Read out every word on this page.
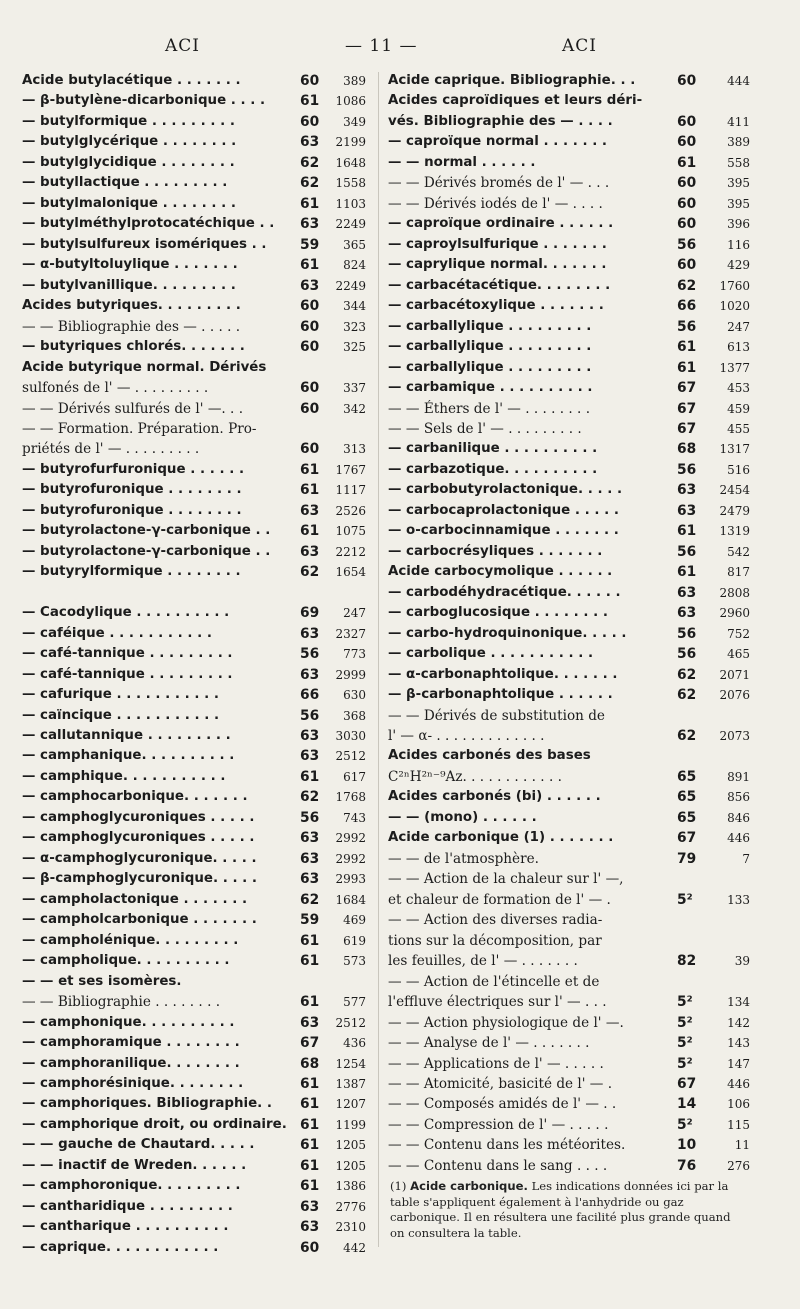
ACI	— 11 —	ACI
Acide butylacétique . . . . . . .	60	389
— β-butylène-dicarbonique . . . .	61	1086
— butylformique . . . . . . . . .	60	349
— butylglycérique . . . . . . . .	63	2199
— butylglycidique . . . . . . . .	62	1648
— butyllactique . . . . . . . . .	62	1558
— butylmalonique . . . . . . . .	61	1103
— butylméthylprotocatéchique . .	63	2249
— butylsulfureux isomériques . .	59	365
— α-butyltoluylique . . . . . . .	61	824
— butylvanillique. . . . . . . . .	63	2249
Acides butyriques. . . . . . . . .	60	344
— — Bibliographie des — . . . . .	60	323
— butyriques chlorés. . . . . . .	60	325
Acide butyrique normal. Dérivés
sulfonés de l' — . . . . . . . . .	60	337
— — Dérivés sulfurés de l' —. . .	60	342
— — Formation. Préparation. Pro-
priétés de l' — . . . . . . . . .	60	313
— butyrofurfuronique . . . . . .	61	1767
— butyrofuronique . . . . . . . .	61	1117
— butyrofuronique . . . . . . . .	63	2526
— butyrolactone-γ-carbonique . .	61	1075
— butyrolactone-γ-carbonique . .	63	2212
— butyrylformique . . . . . . . .	62	1654
— Cacodylique . . . . . . . . . .	69	247
— caféique . . . . . . . . . . .	63	2327
— café-tannique . . . . . . . . .	56	773
— café-tannique . . . . . . . . .	63	2999
— cafurique . . . . . . . . . . .	66	630
— caïncique . . . . . . . . . . .	56	368
— callutannique . . . . . . . . .	63	3030
— camphanique. . . . . . . . . .	63	2512
— camphique. . . . . . . . . . .	61	617
— camphocarbonique. . . . . . .	62	1768
— camphoglycuroniques . . . . .	56	743
— camphoglycuroniques . . . . .	63	2992
— α-camphoglycuronique. . . . .	63	2992
— β-camphoglycuronique. . . . .	63	2993
— campholactonique . . . . . . .	62	1684
— campholcarbonique . . . . . . .	59	469
— campholénique. . . . . . . . .	61	619
— campholique. . . . . . . . . .	61	573
— — et ses isomères.
— — Bibliographie . . . . . . . .	61	577
— camphonique. . . . . . . . . .	63	2512
— camphoramique . . . . . . . .	67	436
— camphoranilique. . . . . . . .	68	1254
— camphorésinique. . . . . . . .	61	1387
— camphoriques. Bibliographie. .	61	1207
— camphorique droit, ou ordinaire. 61	1199
— — gauche de Chautard. . . . .	61	1205
— — inactif de Wreden. . . . . .	61	1205
— camphoronique. . . . . . . . .	61	1386
— cantharidique . . . . . . . . .	63	2776
— cantharique . . . . . . . . . .	63	2310
— caprique. . . . . . . . . . . .	60	442
Acide caprique. Bibliographie. . .	60	444
Acides caproïdiques et leurs déri-
vés. Bibliographie des — . . . .	60	411
— caproïque normal . . . . . . .	60	389
— — normal . . . . . .	61	558
— — Dérivés bromés de l' — . . .	60	395
— — Dérivés iodés de l' — . . . .	60	395
— caproïque ordinaire . . . . . .	60	396
— caproylsulfurique . . . . . . .	56	116
— caprylique normal. . . . . . .	60	429
— carbacétacétique. . . . . . . .	62	1760
— carbacétoxylique . . . . . . .	66	1020
— carballylique . . . . . . . . .	56	247
— carballylique . . . . . . . . .	61	613
— carballylique . . . . . . . . .	61	1377
— carbamique . . . . . . . . . .	67	453
— — Éthers de l' — . . . . . . . .	67	459
— — Sels de l' — . . . . . . . . .	67	455
— carbanilique . . . . . . . . . .	68	1317
— carbazotique. . . . . . . . . .	56	516
— carbobutyrolactonique. . . . .	63	2454
— carbocaprolactonique . . . . .	63	2479
— o-carbocinnamique . . . . . . .	61	1319
— carbocrésyliques . . . . . . .	56	542
Acide carbocymolique . . . . . .	61	817
— carbodéhydracétique. . . . . .	63	2808
— carboglucosique . . . . . . . .	63	2960
— carbo-hydroquinonique. . . . .	56	752
— carbolique . . . . . . . . . . .	56	465
— α-carbonaphtolique. . . . . . .	62	2071
— β-carbonaphtolique . . . . . .	62	2076
— — Dérivés de substitution de
l' — α- . . . . . . . . . . . . .	62	2073
Acides carbonés des bases
C²ⁿH²ⁿ⁻⁹Az. . . . . . . . . . . .	65	891
Acides carbonés (bi) . . . . . .	65	856
— — (mono) . . . . . .	65	846
Acide carbonique (1) . . . . . . .	67	446
— — de l'atmosphère.	79	7
— — Action de la chaleur sur l' —,
et chaleur de formation de l' — .	5²	133
— — Action des diverses radia-
tions sur la décomposition, par
les feuilles, de l' — . . . . . . .	82	39
— — Action de l'étincelle et de
l'effluve électriques sur l' — . . .	5²	134
— — Action physiologique de l' —.	5²	142
— — Analyse de l' — . . . . . . .	5²	143
— — Applications de l' — . . . . .	5²	147
— — Atomicité, basicité de l' — .	67	446
— — Composés amidés de l' — . .	14	106
— — Compression de l' — . . . . .	5²	115
— — Contenu dans les météorites.	10	11
— — Contenu dans le sang . . . .	76	276
(1) Acide carbonique. Les indications données ici par la table s'appliquent également à l'anhydride ou gaz carbonique. Il en résultera une facilité plus grande quand on consultera la table.
